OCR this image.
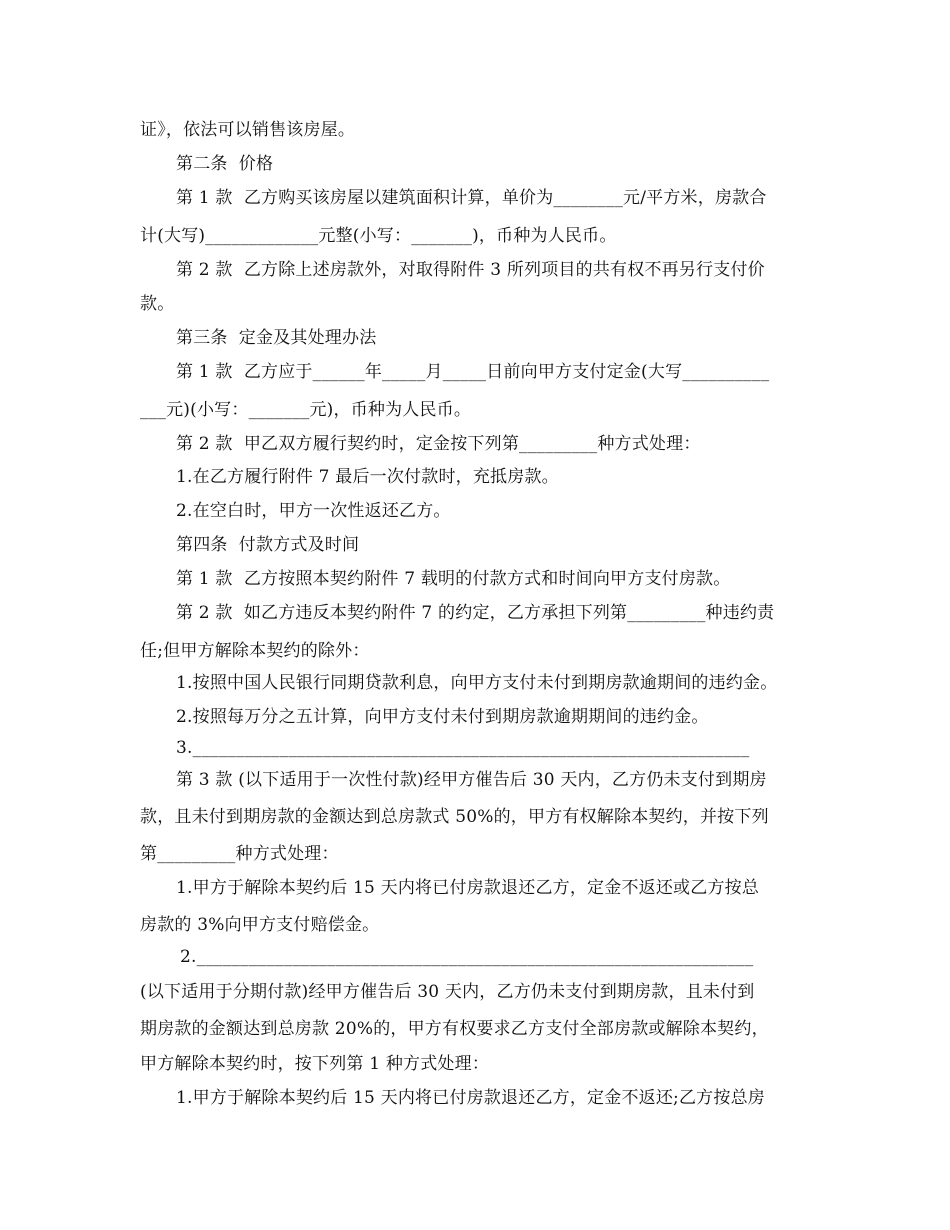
证》，依法可以销售该房屋。
第二条  价格
第 1 款  乙方购买该房屋以建筑面积计算，单价为________元/平方米，房款合
计(大写)_____________元整(小写：_______)，币种为人民币。
第 2 款  乙方除上述房款外，对取得附件 3 所列项目的共有权不再另行支付价
款。
第三条  定金及其处理办法
第 1 款  乙方应于______年_____月_____日前向甲方支付定金(大写__________
___元)(小写：_______元)，币种为人民币。
第 2 款  甲乙双方履行契约时，定金按下列第_________种方式处理：
1.在乙方履行附件 7 最后一次付款时，充抵房款。
2.在空白时，甲方一次性返还乙方。
第四条  付款方式及时间
第 1 款  乙方按照本契约附件 7 载明的付款方式和时间向甲方支付房款。
第 2 款  如乙方违反本契约附件 7 的约定，乙方承担下列第_________种违约责
任;但甲方解除本契约的除外：
1.按照中国人民银行同期贷款利息，向甲方支付未付到期房款逾期间的违约金。
2.按照每万分之五计算，向甲方支付未付到期房款逾期期间的违约金。
3.________________________________________________________________
第 3 款 (以下适用于一次性付款)经甲方催告后 30 天内，乙方仍未支付到期房
款，且未付到期房款的金额达到总房款式 50%的，甲方有权解除本契约，并按下列
第_________种方式处理：
1.甲方于解除本契约后 15 天内将已付房款退还乙方，定金不返还或乙方按总
房款的 3%向甲方支付赔偿金。
2.________________________________________________________________
(以下适用于分期付款)经甲方催告后 30 天内，乙方仍未支付到期房款，且未付到
期房款的金额达到总房款 20%的，甲方有权要求乙方支付全部房款或解除本契约，
甲方解除本契约时，按下列第 1 种方式处理：
1.甲方于解除本契约后 15 天内将已付房款退还乙方，定金不返还;乙方按总房
